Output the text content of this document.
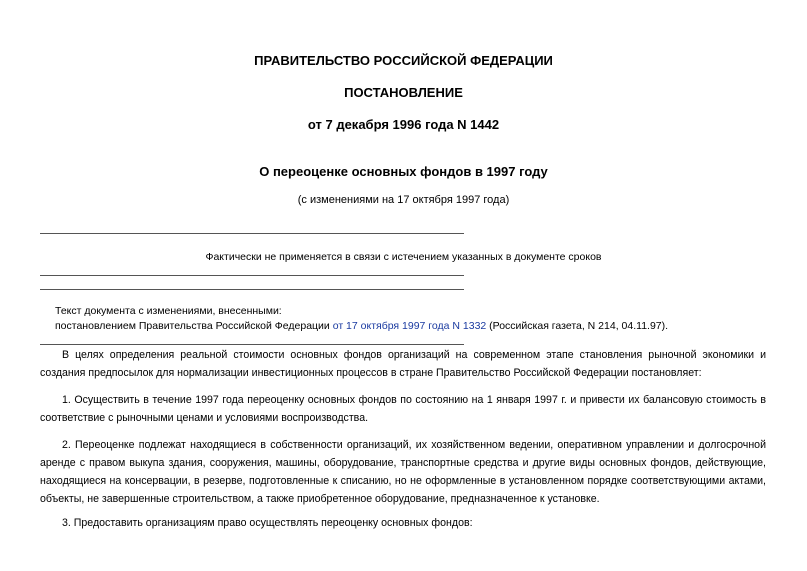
ПРАВИТЕЛЬСТВО РОССИЙСКОЙ ФЕДЕРАЦИИ
ПОСТАНОВЛЕНИЕ
от 7 декабря 1996 года N 1442
О переоценке основных фондов в 1997 году
(с изменениями на 17 октября 1997 года)
Фактически не применяется в связи с истечением указанных в документе сроков
Текст документа с изменениями, внесенными:
постановлением Правительства Российской Федерации от 17 октября 1997 года N 1332 (Российская газета, N 214, 04.11.97).

В целях определения реальной стоимости основных фондов организаций на современном этапе становления рыночной экономики и создания предпосылок для нормализации инвестиционных процессов в стране Правительство Российской Федерации постановляет:

1. Осуществить в течение 1997 года переоценку основных фондов по состоянию на 1 января 1997 г. и привести их балансовую стоимость в соответствие с рыночными ценами и условиями воспроизводства.

2. Переоценке подлежат находящиеся в собственности организаций, их хозяйственном ведении, оперативном управлении и долгосрочной аренде с правом выкупа здания, сооружения, машины, оборудование, транспортные средства и другие виды основных фондов, действующие, находящиеся на консервации, в резерве, подготовленные к списанию, но не оформленные в установленном порядке соответствующими актами, объекты, не завершенные строительством, а также приобретенное оборудование, предназначенное к установке.

3. Предоставить организациям право осуществлять переоценку основных фондов:
